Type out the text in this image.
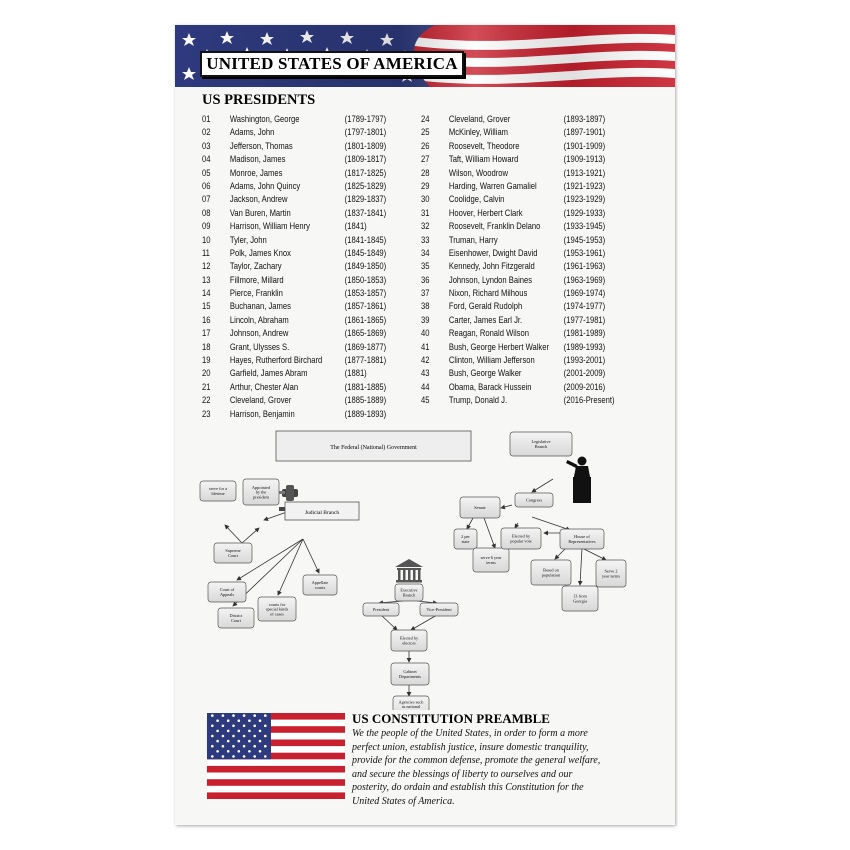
UNITED STATES OF AMERICA
US PRESIDENTS
01	Washington, George	(1789-1797)
02	Adams, John	(1797-1801)
03	Jefferson, Thomas	(1801-1809)
04	Madison, James	(1809-1817)
05	Monroe, James	(1817-1825)
06	Adams, John Quincy	(1825-1829)
07	Jackson, Andrew	(1829-1837)
08	Van Buren, Martin	(1837-1841)
09	Harrison, William Henry	(1841)
10	Tyler, John	(1841-1845)
11	Polk, James Knox	(1845-1849)
12	Taylor, Zachary	(1849-1850)
13	Fillmore, Millard	(1850-1853)
14	Pierce, Franklin	(1853-1857)
15	Buchanan, James	(1857-1861)
16	Lincoln, Abraham	(1861-1865)
17	Johnson, Andrew	(1865-1869)
18	Grant, Ulysses S.	(1869-1877)
19	Hayes, Rutherford Birchard	(1877-1881)
20	Garfield, James Abram	(1881)
21	Arthur, Chester Alan	(1881-1885)
22	Cleveland, Grover	(1885-1889)
23	Harrison, Benjamin	(1889-1893)
24	Cleveland, Grover	(1893-1897)
25	McKinley, William	(1897-1901)
26	Roosevelt, Theodore	(1901-1909)
27	Taft, William Howard	(1909-1913)
28	Wilson, Woodrow	(1913-1921)
29	Harding, Warren Gamaliel	(1921-1923)
30	Coolidge, Calvin	(1923-1929)
31	Hoover, Herbert Clark	(1929-1933)
32	Roosevelt, Franklin Delano	(1933-1945)
33	Truman, Harry	(1945-1953)
34	Eisenhower, Dwight David	(1953-1961)
35	Kennedy, John Fitzgerald	(1961-1963)
36	Johnson, Lyndon Baines	(1963-1969)
37	Nixon, Richard Milhous	(1969-1974)
38	Ford, Gerald Rudolph	(1974-1977)
39	Carter, James Earl Jr.	(1977-1981)
40	Reagan, Ronald Wilson	(1981-1989)
41	Bush, George Herbert Walker	(1989-1993)
42	Clinton, William Jefferson	(1993-2001)
43	Bush, George Walker	(2001-2009)
44	Obama, Barack Hussein	(2009-2016)
45	Trump, Donald J.	(2016-Present)
The Federal (National) Government
Judicial Branch
serve for a
lifetime
Appointed
by the
president
Supreme
Court
Court of
Appeals
District
Court
courts for
special kinds
of cases
Appellate
courts
Executive
Branch
President	Vice-President
Elected by
electors
Cabinet
Departments
Agencies such
as national
Legislative
Branch
Congress
Senate
2 per
state
serve 6 year
terms
Elected by
popular vote
House of
Representatives
Based on
population
Serve 2
year terms
13 from
Georgia
US CONSTITUTION PREAMBLE
We the people of the United States, in order to form a more
perfect union, establish justice, insure domestic tranquility,
provide for the common defense, promote the general welfare,
and secure the blessings of liberty to ourselves and our
posterity, do ordain and establish this Constitution for the
United States of America.
